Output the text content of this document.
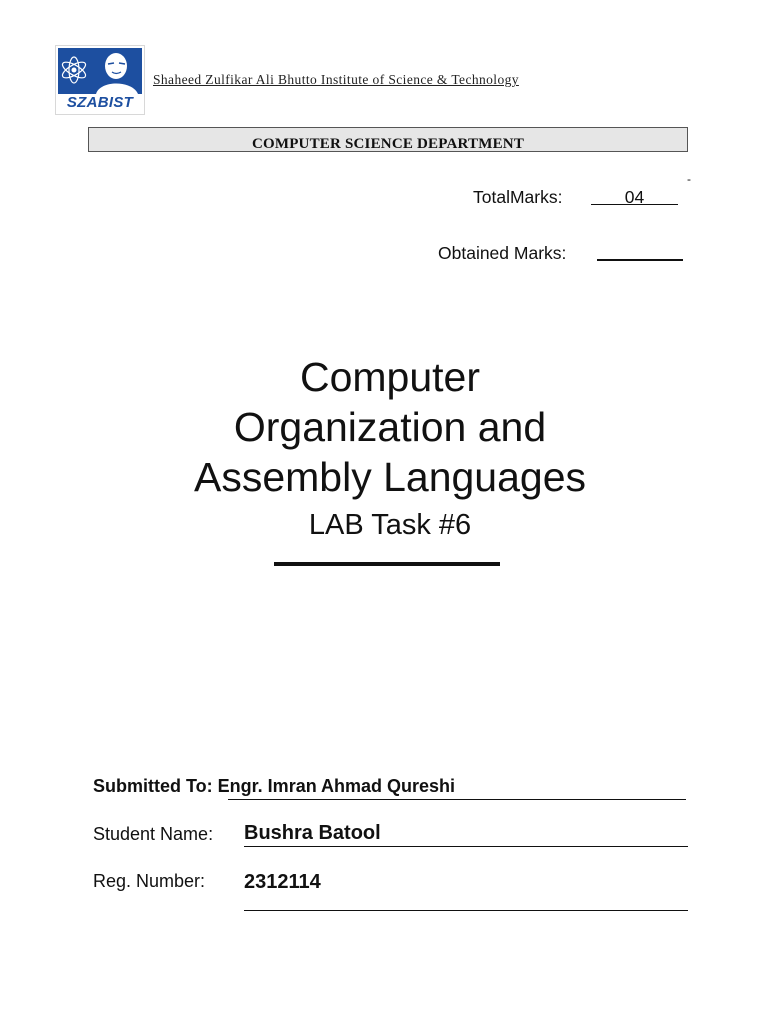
SZABIST
Shaheed Zulfikar Ali Bhutto Institute of Science & Technology
COMPUTER SCIENCE DEPARTMENT
TotalMarks:	04
-
Obtained Marks:
Computer
Organization and
Assembly Languages
LAB Task #6
Submitted To: Engr. Imran Ahmad Qureshi
Student Name: Bushra Batool
Reg. Number: 2312114
